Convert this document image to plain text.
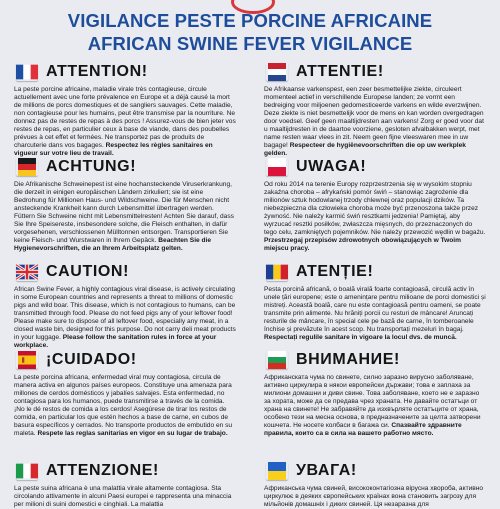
VIGILANCE PESTE PORCINE AFRICAINE
AFRICAN SWINE FEVER VIGILANCE
ATTENTION!

La peste porcine africaine, maladie virale très contagieuse, circule actuellement avec une forte prévalence en Europe et a déjà causé la mort de millions de porcs domestiques et de sangliers sauvages. Cette maladie, non contagieuse pour les humains, peut être transmise par la nourriture. Ne donnez pas de restes de repas à des porcs ! Assurez-vous de bien jeter vos restes de repas, en particulier ceux à base de viande, dans des poubelles prévues à cet effet et fermées. Ne transportez pas de produits de charcuterie dans vos bagages. Respectez les règles sanitaires en vigueur sur votre lieu de travail.

ACHTUNG!

Die Afrikanische Schweinepest ist eine hochansteckende Viruserkrankung, die derzeit in einigen europäischen Ländern zirkuliert; sie ist eine Bedrohung für Millionen Haus- und Wildschweine. Die für Menschen nicht ansteckende Krankheit kann durch Lebensmittel übertragen werden. Füttern Sie Schweine nicht mit Lebensmittelresten! Achten Sie darauf, dass Sie Ihre Speisereste, insbesondere solche, die Fleisch enthalten, in dafür vorgesehenen, verschlossenen Mülltonnen entsorgen. Transportieren Sie keine Fleisch- und Wurstwaren in Ihrem Gepäck. Beachten Sie die Hygienevorschriften, die an Ihrem Arbeitsplatz gelten.

CAUTION!

African Swine Fever, a highly contagious viral disease, is actively circulating in some European countries and represents a threat to millions of domestic pigs and wild boar. This disease, which is not contagious to humans, can be transmitted through food. Please do not feed pigs any of your leftover food! Please make sure to dispose of all leftover food, especially any meat, in a closed waste bin, designed for this purpose. Do not carry deli meat products in your luggage. Please follow the sanitation rules in force at your workplace.

¡CUIDADO!

La peste porcina africana, enfermedad viral muy contagiosa, circula de manera activa en algunos países europeos. Constituye una amenaza para millones de cerdos domésticos y jabalíes salvajes. Esta enfermedad, no contagiosa para los humanos, puede transmitirse a través de la comida. ¡No le dé restos de comida a los cerdos! Asegúrese de tirar los restos de comida, en particular los que estén hechos a base de carne, en cubos de basura específicos y cerrados. No transporte productos de embutido en su maleta. Respete las reglas sanitarias en vigor en su lugar de trabajo.

ATTENZIONE!

La peste suina africana è una malattia virale altamente contagiosa. Sta circolando attivamente in alcuni Paesi europei e rappresenta una minaccia per milioni di suini domestici e cinghiali. La malattia

ATTENTIE!

De Afrikaanse varkenspest, een zeer besmettelijke ziekte, circuleert momenteel actief in verschillende Europese landen; ze vormt een bedreiging voor miljoenen gedomesticeerde varkens en wilde everzwijnen. Deze ziekte is niet besmettelijk voor de mens en kan worden overgedragen door voedsel. Geef geen maaltijdresten aan varkens! Zorg er goed voor dat u maaltijdresten in de daartoe voorziene, gesloten afvalbakken werpt, met name resten waar vlees in zit. Neem geen fijne vleeswaren mee in uw bagage! Respecteer de hygiënevoorschriften die op uw werkplek gelden.

UWAGA!

Od roku 2014 na terenie Europy rozprzestrzenia się w wysokim stopniu zakaźna choroba – afrykański pomór świń – stanowiąc zagrożenie dla milionów sztuk hodowlanej trzody chlewnej oraz populacji dzików. Ta niebezpieczna dla człowieka choroba może być przenoszona także przez żywność. Nie należy karmić świń resztkami jedzenia! Pamiętaj, aby wyrzucać resztki posiłków, zwłaszcza mięsnych, do przeznaczonych do tego celu, zamkniętych pojemników. Nie należy przewozić wędlin w bagażu. Przestrzegaj przepisów zdrowotnych obowiązujących w Twoim miejscu pracy.

ATENȚIE!

Pesta porcină africană, o boală virală foarte contagioasă, circulă activ în unele țări europene; este o amenințare pentru milioane de porci domestici și mistreți. Această boală, care nu este contagioasă pentru oameni, se poate transmite prin alimente. Nu hrăniți porcii cu resturi de mâncare! Aruncați resturile de mâncare, în special cele pe bază de carne, în tomberoanele închise și prevăzute în acest scop. Nu transportați mezeluri în bagaj. Respectați regulile sanitare în vigoare la locul dvs. de muncă.

ВНИМАНИЕ!

Африканската чума по свинете, силно заразно вирусно заболяване, активно циркулира в някои европейски държави; това е заплаха за милиони домашни и диви свине. Това заболяване, което не е заразно за хората, може да се предава чрез храната. Не давайте остатъци от храна на свинете! Не забравяйте да изхвърляте остатъците от храна, особено тези на месна основа, в предназначените за целта затворени кошчета. Не носете колбаси в багажа си. Спазвайте здравните правила, които са в сила на вашето работно място.

УВАГА!

Африканська чума свиней, висококонтагіозна вірусна хвороба, активно циркулює в деяких європейських країнах вона становить загрозу для мільйонів домашніх і диких свиней. Ця незаразна для
